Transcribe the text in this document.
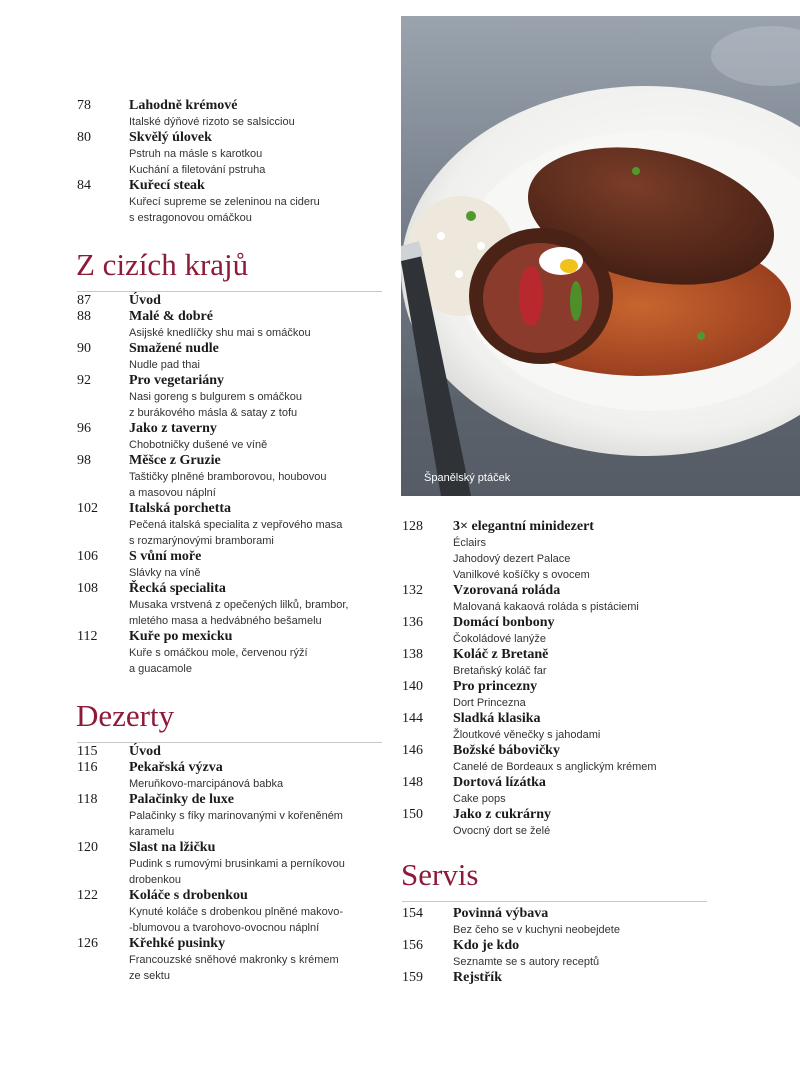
78	Lahodně krémové
Italské dýňové rizoto se salsicciou
80	Skvělý úlovek
Pstruh na másle s karotkou
Kuchání a filetování pstruha
84	Kuřecí steak
Kuřecí supreme se zeleninou na cideru
s estragonovou omáčkou
Z cizích krajů
87	Úvod
88	Malé & dobré
Asijské knedlíčky shu mai s omáčkou
90	Smažené nudle
Nudle pad thai
92	Pro vegetariány
Nasi goreng s bulgurem s omáčkou
z burákového másla & satay z tofu
96	Jako z taverny
Chobotničky dušené ve víně
98	Měšce z Gruzie
Taštičky plněné bramborovou, houbovou
a masovou náplní
102 Italská porchetta
Pečená italská specialita z vepřového masa
s rozmarýnovými bramborami
106 S vůní moře
Slávky na víně
108 Řecká specialita
Musaka vrstvená z opečených lilků, brambor,
mletého masa a hedvábného bešamelu
112 Kuře po mexicku
Kuře s omáčkou mole, červenou rýží
a guacamole
Dezerty
115 Úvod
116 Pekařská výzva
Meruňkovo-marcipánová babka
118 Palačinky de luxe
Palačinky s fíky marinovanými v kořeněném
karamelu
120 Slast na lžičku
Pudink s rumovými brusinkami a perníkovou
drobenkou
122 Koláče s drobenkou
Kynuté koláče s drobenkou plněné makovo-
-blumovou a tvarohovo-ovocnou náplní
126 Křehké pusinky
Francouzské sněhové makronky s krémem
ze sektu
Španělský ptáček
128 3× elegantní minidezert
Éclairs
Jahodový dezert Palace
Vanilkové košíčky s ovocem
132 Vzorovaná roláda
Malovaná kakaová roláda s pistáciemi
136 Domácí bonbony
Čokoládové lanýže
138 Koláč z Bretaně
Bretaňský koláč far
140 Pro princezny
Dort Princezna
144 Sladká klasika
Žloutkové věnečky s jahodami
146 Božské bábovičky
Canelé de Bordeaux s anglickým krémem
148 Dortová lízátka
Cake pops
150 Jako z cukrárny
Ovocný dort se želé
Servis
154 Povinná výbava
Bez čeho se v kuchyni neobejdete
156 Kdo je kdo
Seznamte se s autory receptů
159 Rejstřík
